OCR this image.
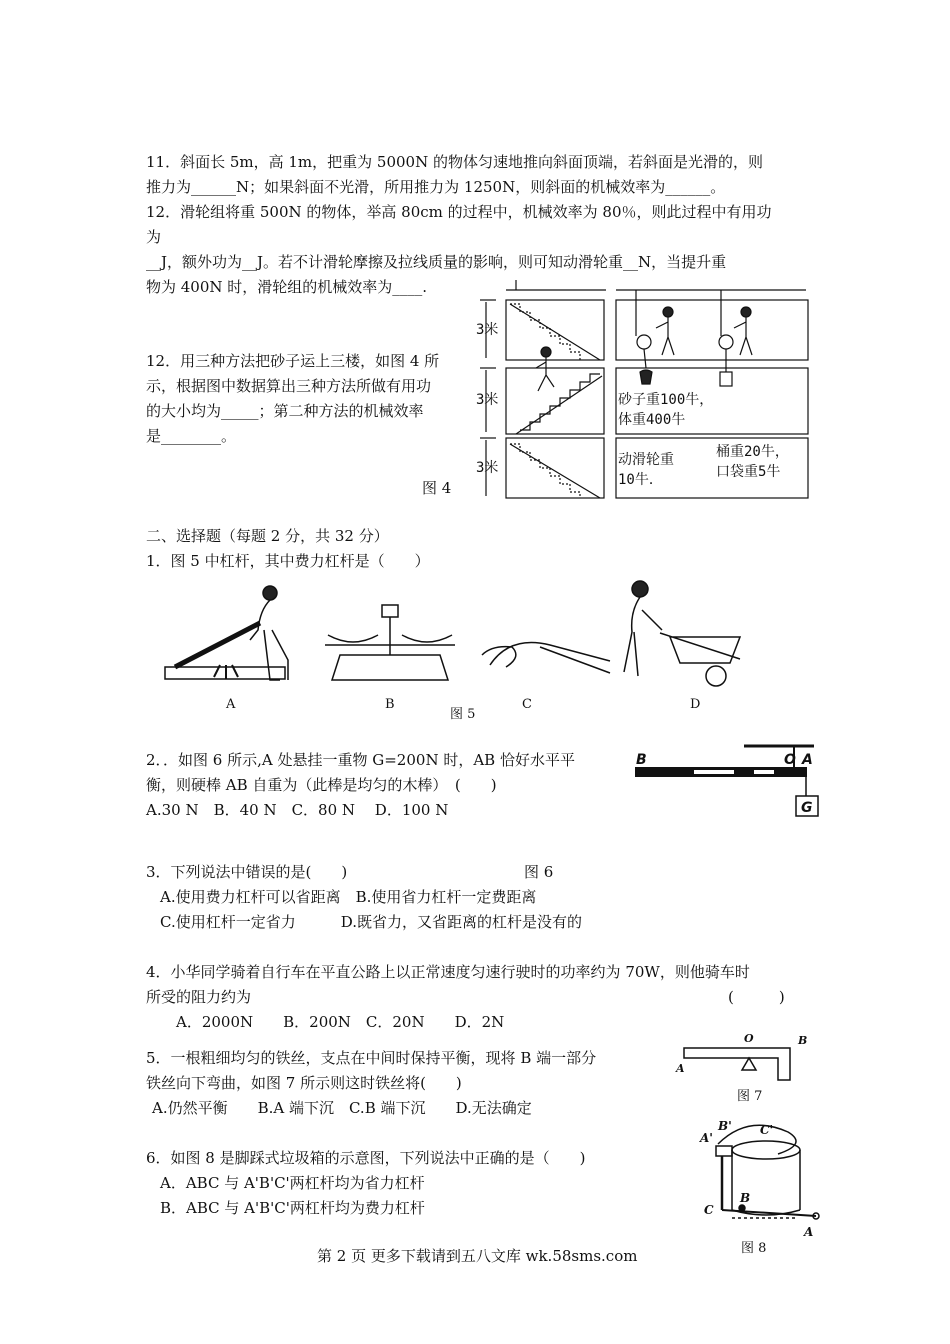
11．斜面长 5m，高 1m，把重为 5000N 的物体匀速地推向斜面顶端，若斜面是光滑的，则
推力为______N；如果斜面不光滑，所用推力为 1250N，则斜面的机械效率为______。
12．滑轮组将重 500N 的物体，举高 80cm 的过程中，机械效率为 80％，则此过程中有用功
为
__J，额外功为__J。若不计滑轮摩擦及拉线质量的影响，则可知动滑轮重__N，当提升重
物为 400N 时，滑轮组的机械效率为____.
12．用三种方法把砂子运上三楼，如图 4 所
示，根据图中数据算出三种方法所做有用功
的大小均为_____；第二种方法的机械效率
是________。
图 4
3米
3米
3米
砂子重100牛，
体重400牛
动滑轮重
10牛．
桶重20牛，
口袋重5牛
二、选择题（每题 2 分，共 32 分）
1．图 5 中杠杆，其中费力杠杆是（　　）
A	B	C	D
图 5
2．．如图 6 所示,A 处悬挂一重物 G=200N 时，AB 恰好水平平
衡，则硬棒 AB 自重为（此棒是均匀的木棒）　(　　)
A.30 N　B．40 N　C．80 N　 D．100 N
B	O A
G
3．下列说法中错误的是(　　)	图 6
A.使用费力杠杆可以省距离　B.使用省力杠杆一定费距离
C.使用杠杆一定省力　　　D.既省力，又省距离的杠杆是没有的
4．小华同学骑着自行车在平直公路上以正常速度匀速行驶时的功率约为 70W，则他骑车时
所受的阻力约为	(　　　)
A．2000N　　B．200N　C．20N　　D．2N
5．一根粗细均匀的铁丝，支点在中间时保持平衡，现将 B 端一部分
铁丝向下弯曲，如图 7 所示则这时铁丝将(　　)
A.仍然平衡　　B.A 端下沉　C.B 端下沉　　D.无法确定
O	B
A
图 7
6．如图 8 是脚踩式垃圾箱的示意图，下列说法中正确的是（　　)
A．ABC 与 A'B'C'两杠杆均为省力杠杆
B．ABC 与 A'B'C'两杠杆均为费力杠杆
B'
A'
C'
C
B
A
图 8
第 2 页 更多下载请到五八文库 wk.58sms.com
